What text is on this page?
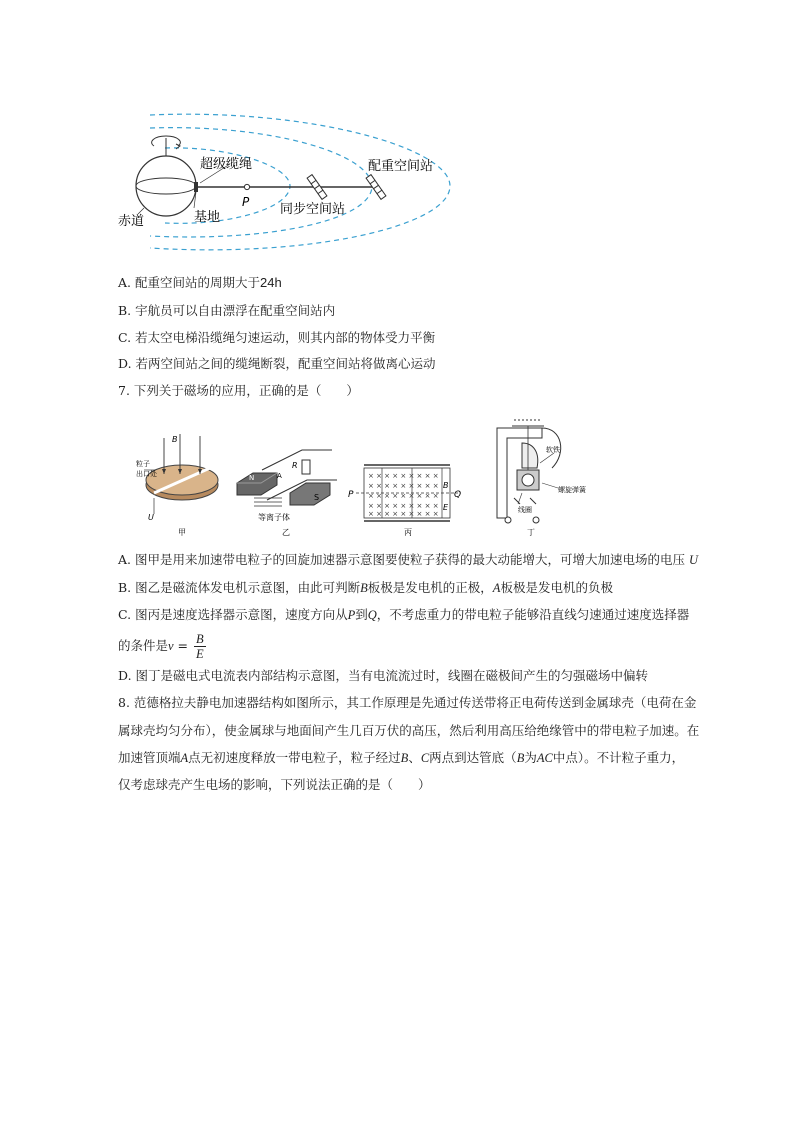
超级缆绳	配重空间站
赤道	基地
P 同步空间站
A. 配重空间站的周期大于24h
B. 宇航员可以自由漂浮在配重空间站内
C. 若太空电梯沿缆绳匀速运动，则其内部的物体受力平衡
D. 若两空间站之间的缆绳断裂，配重空间站将做离心运动
7. 下列关于磁场的应用，正确的是（　　）
B
U
粒子
出口处
甲
N
S
R
A
等离子体
乙
× × × × × × × × ×
× × × × × × × × ×
× × × × × × × × ×
× × × × × × × × ×
× × × × × × × × ×
P	Q
B
E
丙
软铁
螺旋弹簧
线圈
丁
A. 图甲是用来加速带电粒子的回旋加速器示意图要使粒子获得的最大动能增大，可增大加速电场的电压 U
B. 图乙是磁流体发电机示意图，由此可判断B板极是发电机的正极，A板极是发电机的负极
C. 图丙是速度选择器示意图，速度方向从P到Q，不考虑重力的带电粒子能够沿直线匀速通过速度选择器
的条件是$v = \frac{B}{E}$
D. 图丁是磁电式电流表内部结构示意图，当有电流流过时，线圈在磁极间产生的匀强磁场中偏转
8. 范德格拉夫静电加速器结构如图所示，其工作原理是先通过传送带将正电荷传送到金属球壳（电荷在金
属球壳均匀分布），使金属球与地面间产生几百万伏的高压，然后利用高压给绝缘管中的带电粒子加速。在
加速管顶端A点无初速度释放一带电粒子，粒子经过B、C两点到达管底（B为AC中点）。不计粒子重力，
仅考虑球壳产生电场的影响，下列说法正确的是（　　）
